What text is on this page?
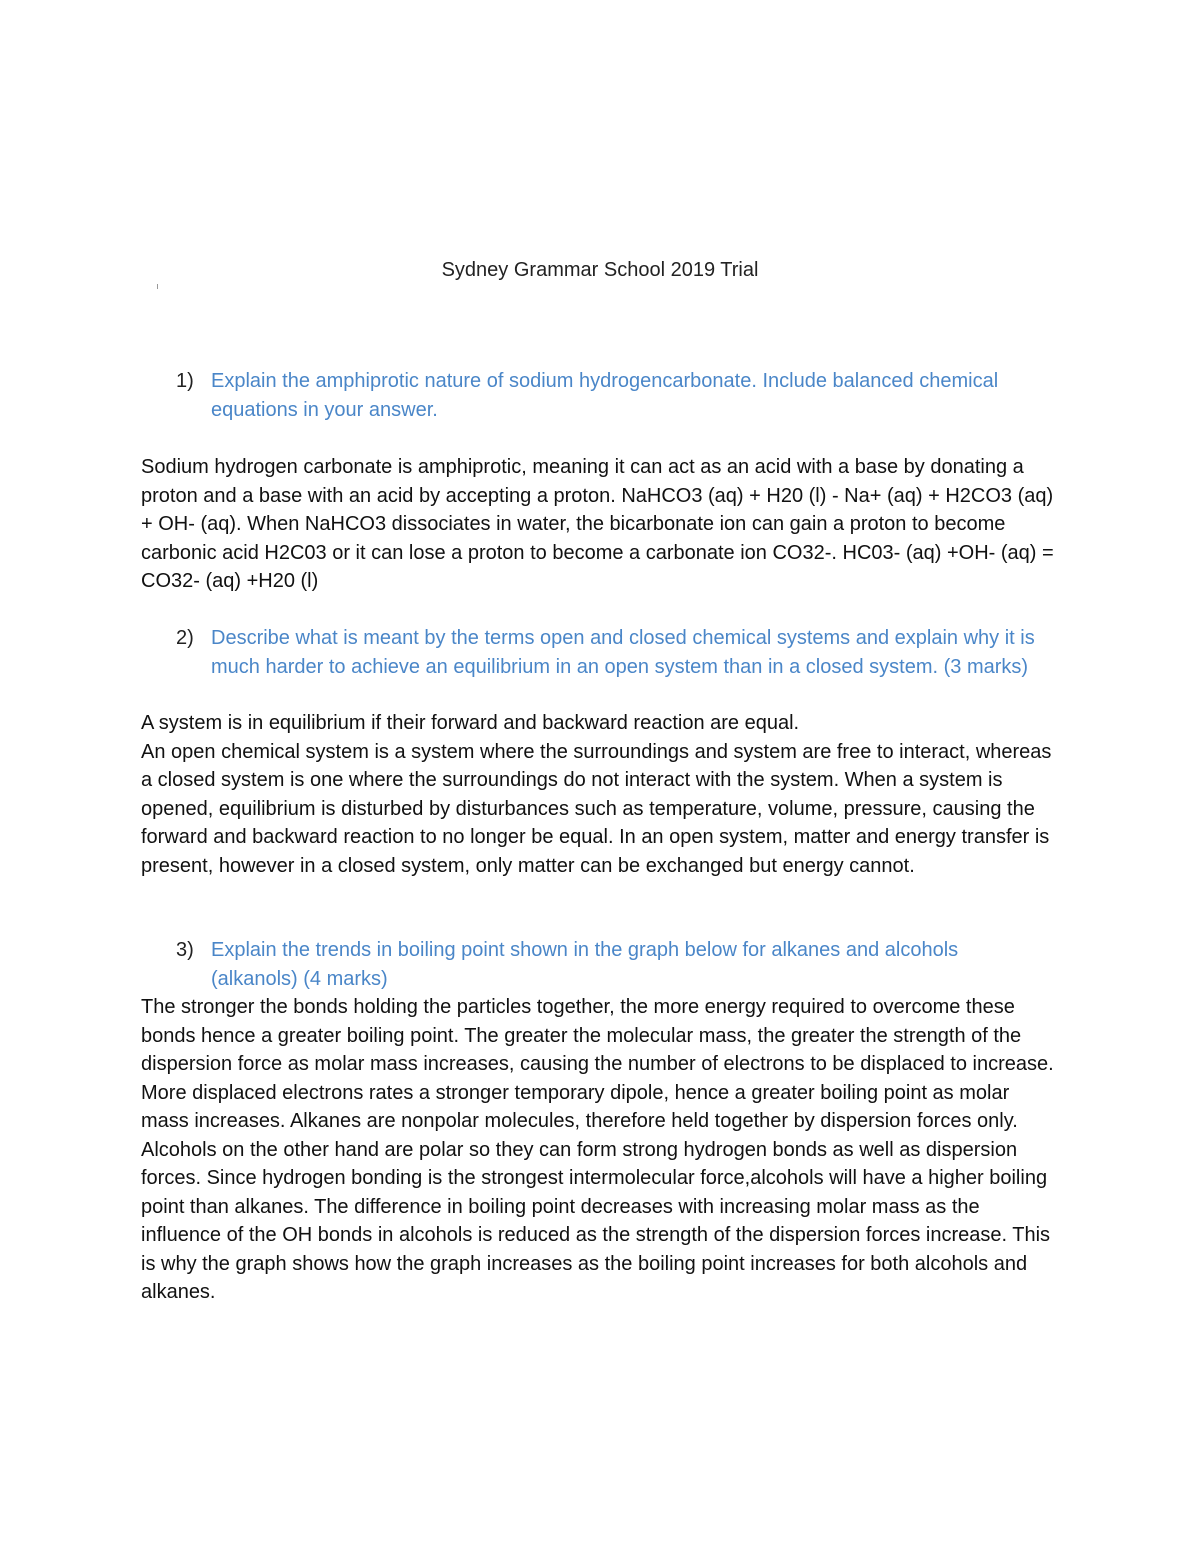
Sydney Grammar School 2019 Trial
1) Explain the amphiprotic nature of sodium hydrogencarbonate. Include balanced chemical equations in your answer.

Sodium hydrogen carbonate is amphiprotic, meaning it can act as an acid with a base by donating a proton and a base with an acid by accepting a proton. NaHCO3 (aq) + H20 (l) - Na+ (aq) + H2CO3 (aq) + OH- (aq). When NaHCO3 dissociates in water, the bicarbonate ion can gain a proton to become carbonic acid H2C03 or it can lose a proton to become a carbonate ion CO32-. HC03- (aq) +OH- (aq) = CO32- (aq) +H20 (l)

2) Describe what is meant by the terms open and closed chemical systems and explain why it is much harder to achieve an equilibrium in an open system than in a closed system. (3 marks)

A system is in equilibrium if their forward and backward reaction are equal.

An open chemical system is a system where the surroundings and system are free to interact, whereas a closed system is one where the surroundings do not interact with the system. When a system is opened, equilibrium is disturbed by disturbances such as temperature, volume, pressure, causing the forward and backward reaction to no longer be equal. In an open system, matter and energy transfer is present, however in a closed system, only matter can be exchanged but energy cannot.

3) Explain the trends in boiling point shown in the graph below for alkanes and alcohols (alkanols) (4 marks)

The stronger the bonds holding the particles together, the more energy required to overcome these bonds hence a greater boiling point. The greater the molecular mass, the greater the strength of the dispersion force as molar mass increases, causing the number of electrons to be displaced to increase. More displaced electrons rates a stronger temporary dipole, hence a greater boiling point as molar mass increases. Alkanes are nonpolar molecules, therefore held together by dispersion forces only. Alcohols on the other hand are polar so they can form strong hydrogen bonds as well as dispersion forces. Since hydrogen bonding is the strongest intermolecular force,alcohols will have a higher boiling point than alkanes. The difference in boiling point decreases with increasing molar mass as the influence of the OH bonds in alcohols is reduced as the strength of the dispersion forces increase. This is why the graph shows how the graph increases as the boiling point increases for both alcohols and alkanes.
